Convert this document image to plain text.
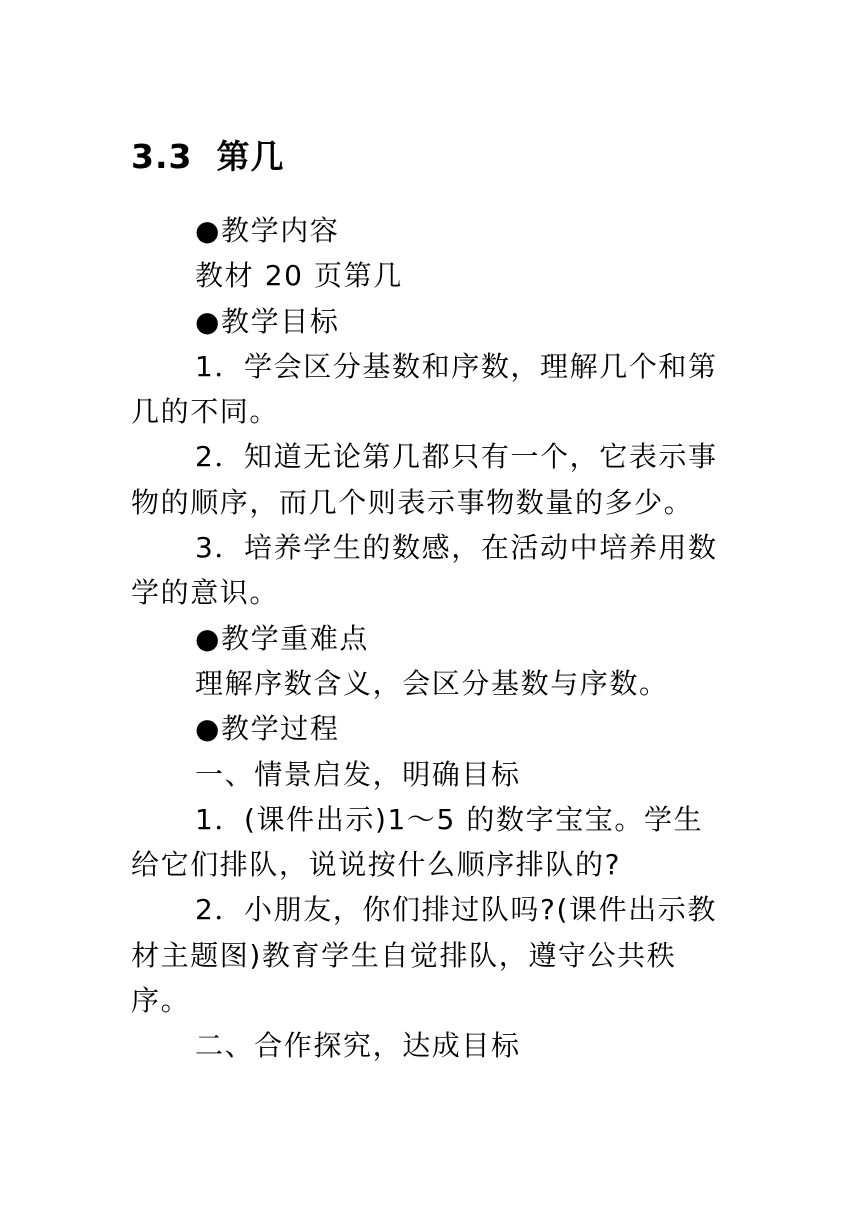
3.3 第几

●教学内容

教材 20 页第几

●教学目标

1．学会区分基数和序数，理解几个和第几的不同。

2．知道无论第几都只有一个，它表示事物的顺序，而几个则表示事物数量的多少。

3．培养学生的数感，在活动中培养用数学的意识。

●教学重难点

理解序数含义，会区分基数与序数。

●教学过程

一、情景启发，明确目标

1．(课件出示)1～5 的数字宝宝。学生给它们排队，说说按什么顺序排队的?

2．小朋友，你们排过队吗?(课件出示教材主题图)教育学生自觉排队，遵守公共秩序。

二、合作探究，达成目标
